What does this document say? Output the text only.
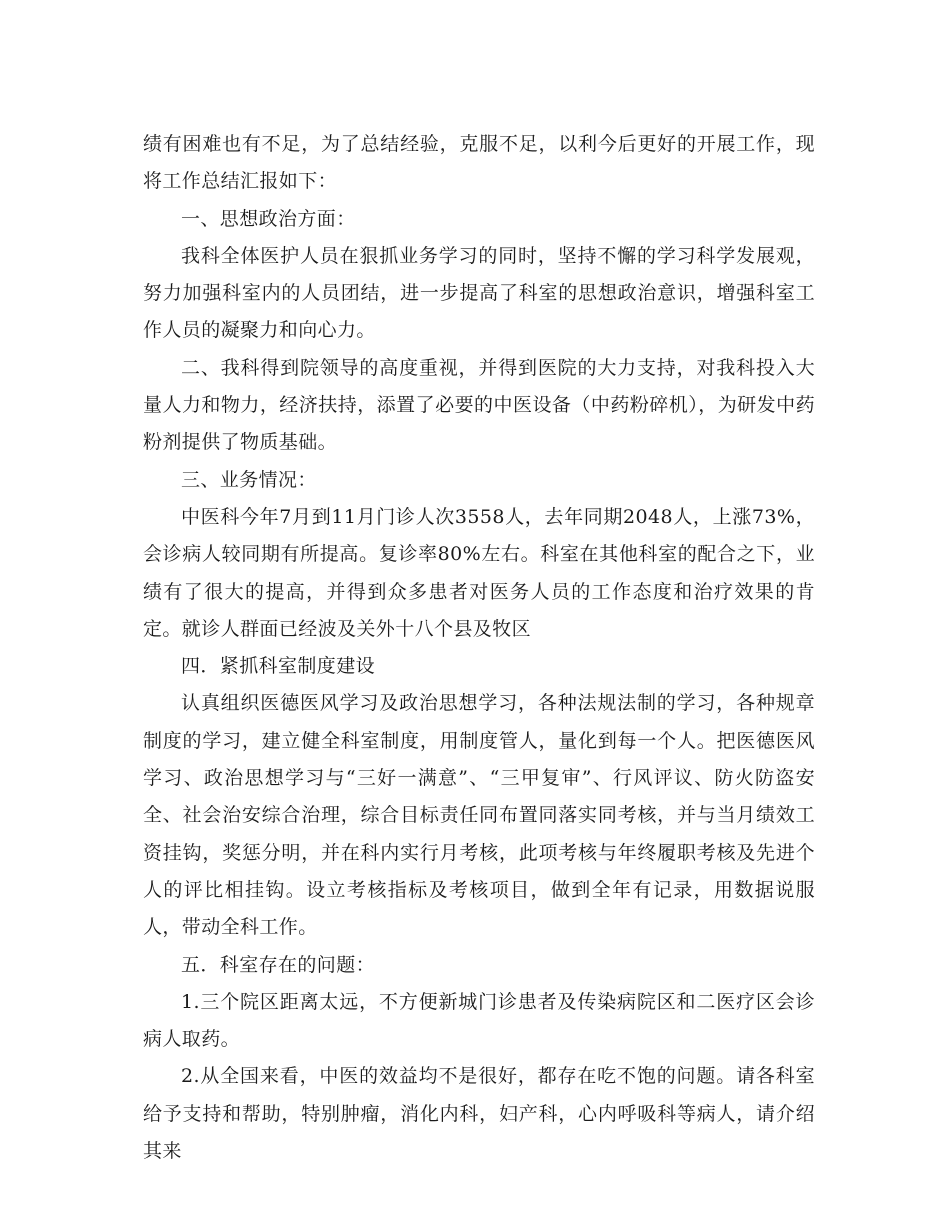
绩有困难也有不足，为了总结经验，克服不足，以利今后更好的开展工作，现将工作总结汇报如下：

一、思想政治方面：

我科全体医护人员在狠抓业务学习的同时，坚持不懈的学习科学发展观，努力加强科室内的人员团结，进一步提高了科室的思想政治意识，增强科室工作人员的凝聚力和向心力。

二、我科得到院领导的高度重视，并得到医院的大力支持，对我科投入大量人力和物力，经济扶持，添置了必要的中医设备（中药粉碎机），为研发中药粉剂提供了物质基础。

三、业务情况：

中医科今年7月到11月门诊人次3558人，去年同期2048人，上涨73%，会诊病人较同期有所提高。复诊率80%左右。科室在其他科室的配合之下，业绩有了很大的提高，并得到众多患者对医务人员的工作态度和治疗效果的肯定。就诊人群面已经波及关外十八个县及牧区

四．紧抓科室制度建设

认真组织医德医风学习及政治思想学习，各种法规法制的学习，各种规章制度的学习，建立健全科室制度，用制度管人，量化到每一个人。把医德医风学习、政治思想学习与“三好一满意”、“三甲复审”、行风评议、防火防盗安全、社会治安综合治理，综合目标责任同布置同落实同考核，并与当月绩效工资挂钩，奖惩分明，并在科内实行月考核，此项考核与年终履职考核及先进个人的评比相挂钩。设立考核指标及考核项目，做到全年有记录，用数据说服人，带动全科工作。

五．科室存在的问题：

1.三个院区距离太远，不方便新城门诊患者及传染病院区和二医疗区会诊病人取药。

2.从全国来看，中医的效益均不是很好，都存在吃不饱的问题。请各科室给予支持和帮助，特别肿瘤，消化内科，妇产科，心内呼吸科等病人，请介绍其来
